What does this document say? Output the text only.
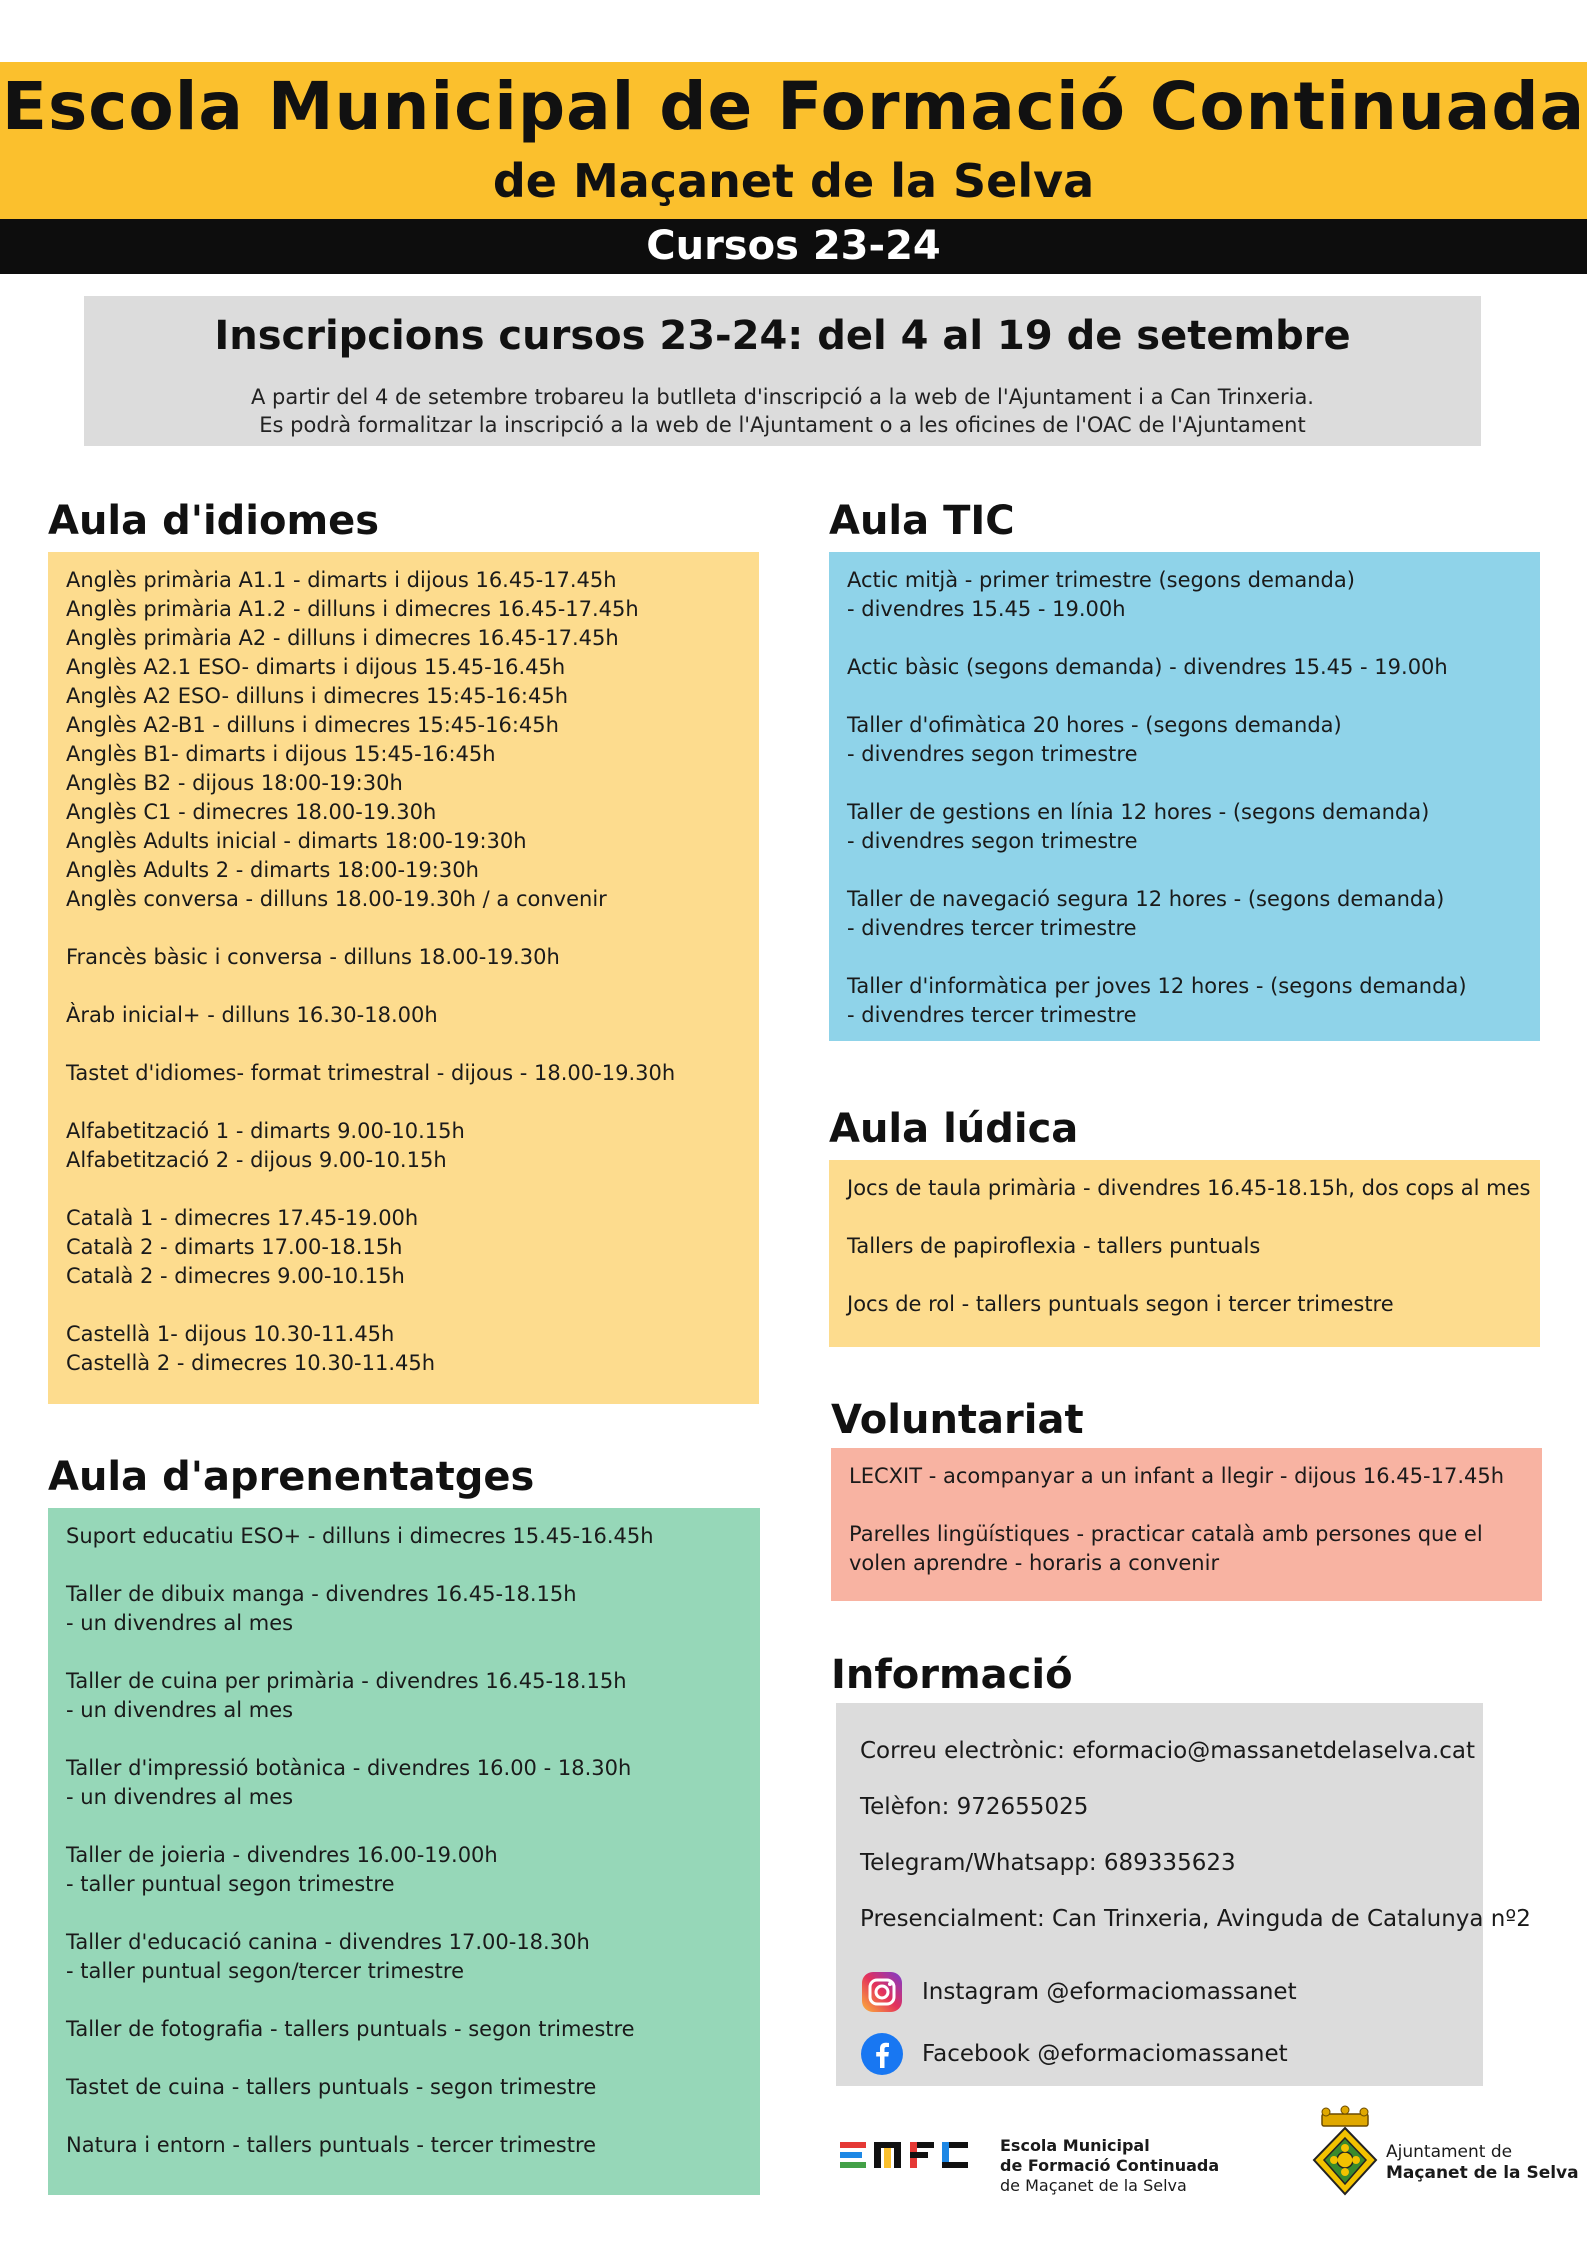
Escola Municipal de Formació Continuada
de Maçanet de la Selva
Cursos 23-24
Inscripcions cursos 23-24: del 4 al 19 de setembre
A partir del 4 de setembre trobareu la butlleta d'inscripció a la web de l'Ajuntament i a Can Trinxeria.
Es podrà formalitzar la inscripció a la web de l'Ajuntament o a les oficines de l'OAC de l'Ajuntament
Aula d'idiomes
Anglès primària A1.1 - dimarts i dijous 16.45-17.45h
Anglès primària A1.2 - dilluns i dimecres 16.45-17.45h
Anglès primària A2 - dilluns i dimecres 16.45-17.45h
Anglès A2.1 ESO- dimarts i dijous 15.45-16.45h
Anglès A2 ESO- dilluns i dimecres 15:45-16:45h
Anglès A2-B1 - dilluns i dimecres 15:45-16:45h
Anglès B1- dimarts i dijous 15:45-16:45h
Anglès B2 - dijous 18:00-19:30h
Anglès C1 - dimecres 18.00-19.30h
Anglès Adults inicial - dimarts 18:00-19:30h
Anglès Adults 2 - dimarts 18:00-19:30h
Anglès conversa - dilluns 18.00-19.30h / a convenir
Francès bàsic i conversa - dilluns 18.00-19.30h
Àrab inicial+ - dilluns 16.30-18.00h
Tastet d'idiomes- format trimestral - dijous - 18.00-19.30h
Alfabetització 1 - dimarts 9.00-10.15h
Alfabetització 2 - dijous 9.00-10.15h
Català 1 - dimecres 17.45-19.00h
Català 2 - dimarts 17.00-18.15h
Català 2 - dimecres 9.00-10.15h
Castellà 1- dijous 10.30-11.45h
Castellà 2 - dimecres 10.30-11.45h
Aula TIC
Actic mitjà - primer trimestre (segons demanda)
- divendres 15.45 - 19.00h
Actic bàsic (segons demanda) - divendres 15.45 - 19.00h
Taller d'ofimàtica 20 hores - (segons demanda)
- divendres segon trimestre
Taller de gestions en línia 12 hores - (segons demanda)
- divendres segon trimestre
Taller de navegació segura 12 hores - (segons demanda)
- divendres tercer trimestre
Taller d'informàtica per joves 12 hores - (segons demanda)
- divendres tercer trimestre
Aula lúdica
Jocs de taula primària - divendres 16.45-18.15h, dos cops al mes
Tallers de papiroflexia - tallers puntuals
Jocs de rol - tallers puntuals segon i tercer trimestre
Voluntariat
LECXIT - acompanyar a un infant a llegir - dijous 16.45-17.45h
Parelles lingüístiques - practicar català amb persones que el volen aprendre - horaris a convenir
Aula d'aprenentatges
Suport educatiu ESO+ - dilluns i dimecres 15.45-16.45h
Taller de dibuix manga - divendres 16.45-18.15h
- un divendres al mes
Taller de cuina per primària - divendres 16.45-18.15h
- un divendres al mes
Taller d'impressió botànica - divendres 16.00 - 18.30h
- un divendres al mes
Taller de joieria - divendres 16.00-19.00h
- taller puntual segon trimestre
Taller d'educació canina - divendres 17.00-18.30h
- taller puntual segon/tercer trimestre
Taller de fotografia - tallers puntuals - segon trimestre
Tastet de cuina - tallers puntuals - segon trimestre
Natura i entorn - tallers puntuals - tercer trimestre
Informació
Correu electrònic: eformacio@massanetdelaselva.cat
Telèfon: 972655025
Telegram/Whatsapp: 689335623
Presencialment: Can Trinxeria, Avinguda de Catalunya nº2
Instagram @eformaciomassanet
Facebook @eformaciomassanet
Escola Municipal
de Formació Continuada
de Maçanet de la Selva
Ajuntament de
Maçanet de la Selva
